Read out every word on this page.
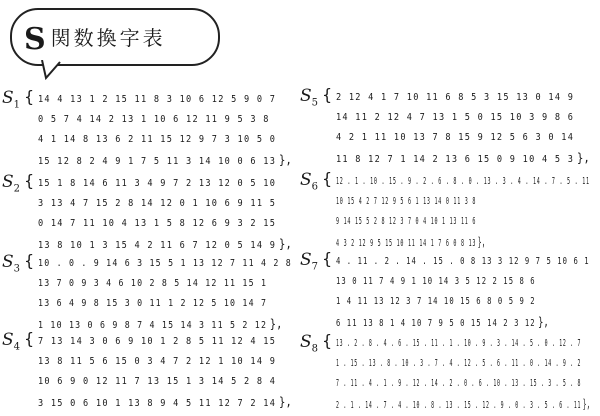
S関数換字表
$S_1$ { 14 4 13 1 2 15 11 8 3 10 6 12 5 9 0 7
0 5 7 4 14 2 13 1 10 6 12 11 9 5 3 8
4 1 14 8 13 6 2 11 15 12 9 7 3 10 5 0
15 12 8 2 4 9 1 7 5 11 3 14 10 0 6 13 },
$S_2$ { 15 1 8 14 6 11 3 4 9 7 2 13 12 0 5 10
3 13 4 7 15 2 8 14 12 0 1 10 6 9 11 5
0 14 7 11 10 4 13 1 5 8 12 6 9 3 2 15
13 8 10 1 3 15 4 2 11 6 7 12 0 5 14 9 },
$S_3$ { 10 . 0 . 9 14 6 3 15 5 1 13 12 7 11 4 2 8
13 7 0 9 3 4 6 10 2 8 5 14 12 11 15 1
13 6 4 9 8 15 3 0 11 1 2 12 5 10 14 7
1 10 13 0 6 9 8 7 4 15 14 3 11 5 2 12 },
$S_4$ { 7 13 14 3 0 6 9 10 1 2 8 5 11 12 4 15
13 8 11 5 6 15 0 3 4 7 2 12 1 10 14 9
10 6 9 0 12 11 7 13 15 1 3 14 5 2 8 4
3 15 0 6 10 1 13 8 9 4 5 11 12 7 2 14 },
$S_5$ { 2 12 4 1 7 10 11 6 8 5 3 15 13 0 14 9
14 11 2 12 4 7 13 1 5 0 15 10 3 9 8 6
4 2 1 11 10 13 7 8 15 9 12 5 6 3 0 14
11 8 12 7 1 14 2 13 6 15 0 9 10 4 5 3 },
$S_6$ { 12 . 1 . 10 . 15 . 9 . 2 . 6 . 8 . 0 . 13 . 3 . 4 . 14 . 7 . 5 . 11
10 15 4 2 7 12 9 5 6 1 13 14 0 11 3 8
9 14 15 5 2 8 12 3 7 0 4 10 1 13 11 6
4 3 2 12 9 5 15 10 11 14 1 7 6 0 8 13 },
$S_7$ { 4 . 11 . 2 . 14 . 15 . 0 8 13 3 12 9 7 5 10 6 1
13 0 11 7 4 9 1 10 14 3 5 12 2 15 8 6
1 4 11 13 12 3 7 14 10 15 6 8 0 5 9 2
6 11 13 8 1 4 10 7 9 5 0 15 14 2 3 12 },
$S_8$ { 13 . 2 . 8 . 4 . 6 . 15 . 11 . 1 . 10 . 9 . 3 . 14 . 5 . 0 . 12 . 7
1 . 15 . 13 . 8 . 10 . 3 . 7 . 4 . 12 . 5 . 6 . 11 . 0 . 14 . 9 . 2
7 . 11 . 4 . 1 . 9 . 12 . 14 . 2 . 0 . 6 . 10 . 13 . 15 . 3 . 5 . 8
2 . 1 . 14 . 7 . 4 . 10 . 8 . 13 . 15 . 12 . 9 . 0 . 3 . 5 . 6 . 11 },
